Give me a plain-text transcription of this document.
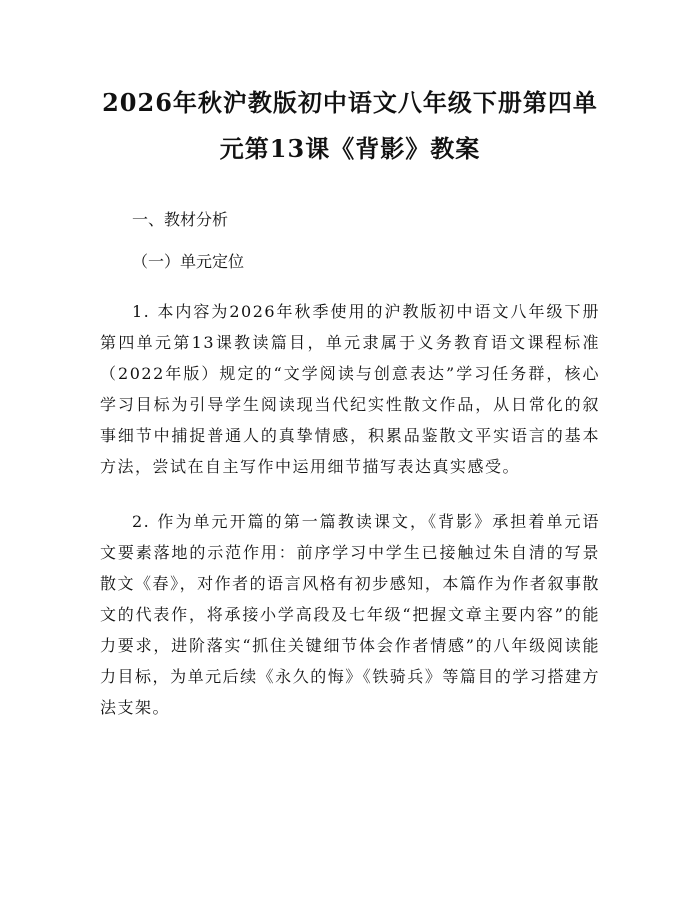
2026年秋沪教版初中语文八年级下册第四单元第13课《背影》教案
一、教材分析
（一）单元定位

1. 本内容为2026年秋季使用的沪教版初中语文八年级下册第四单元第13课教读篇目，单元隶属于义务教育语文课程标准（2022年版）规定的“文学阅读与创意表达”学习任务群，核心学习目标为引导学生阅读现当代纪实性散文作品，从日常化的叙事细节中捕捉普通人的真挚情感，积累品鉴散文平实语言的基本方法，尝试在自主写作中运用细节描写表达真实感受。

2. 作为单元开篇的第一篇教读课文，《背影》承担着单元语文要素落地的示范作用：前序学习中学生已接触过朱自清的写景散文《春》，对作者的语言风格有初步感知，本篇作为作者叙事散文的代表作，将承接小学高段及七年级“把握文章主要内容”的能力要求，进阶落实“抓住关键细节体会作者情感”的八年级阅读能力目标，为单元后续《永久的悔》《铁骑兵》等篇目的学习搭建方法支架。
